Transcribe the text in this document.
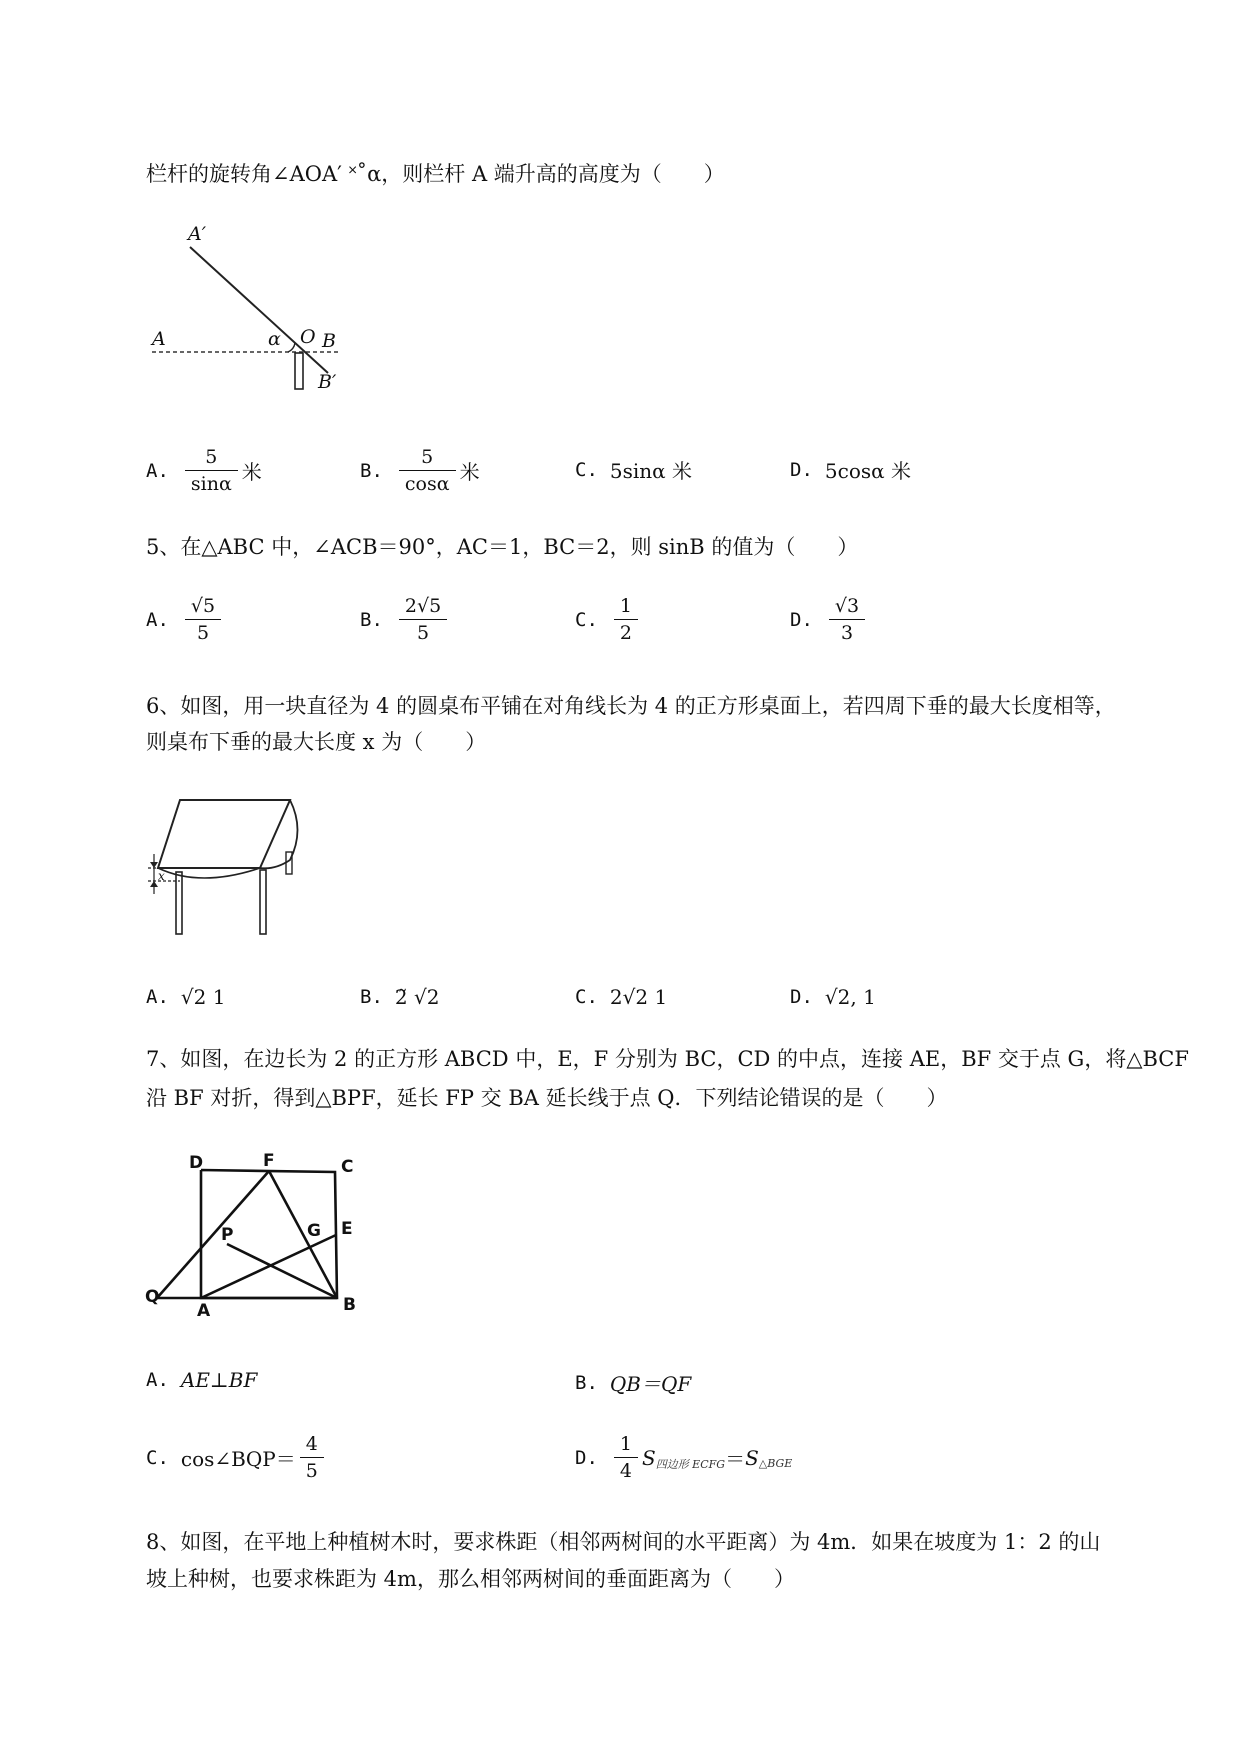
栏杆的旋转角∠AOA′ ˟˚α，则栏杆 A 端升高的高度为（　　）
A′
A	α O B
B′
A. $\frac{5}{\sin\alpha}$ 米	B. $\frac{5}{\cos\alpha}$ 米	C. 5sinα 米	D. 5cosα 米
5、在△ABC 中，∠ACB＝90°，AC＝1，BC＝2，则 sinB 的值为（　　）
A. $\frac{√5}{5}$	B. $\frac{2√5}{5}$	C. $\frac{1}{2}$	D. $\frac{√3}{3}$
6、如图，用一块直径为 4 的圆桌布平铺在对角线长为 4 的正方形桌面上，若四周下垂的最大长度相等，
则桌布下垂的最大长度 x 为（　　）
x
A. √2 1	B. 2̃ √2	C. 2√2 1	D. √2, 1
7、如图，在边长为 2 的正方形 ABCD 中，E，F 分别为 BC，CD 的中点，连接 AE，BF 交于点 G，将△BCF
沿 BF 对折，得到△BPF，延长 FP 交 BA 延长线于点 Q．下列结论错误的是（　　）
D	F	C
P	G E
Q
A	B
A. AE⊥BF	B. QB＝QF
C. cos∠BQP＝ $\frac{4}{5}$	D. $\frac{1}{4}$ S 四边形 ECFG ＝ S △BGE
8、如图，在平地上种植树木时，要求株距（相邻两树间的水平距离）为 4m．如果在坡度为 1：2 的山
坡上种树，也要求株距为 4m，那么相邻两树间的垂面距离为（　　）
